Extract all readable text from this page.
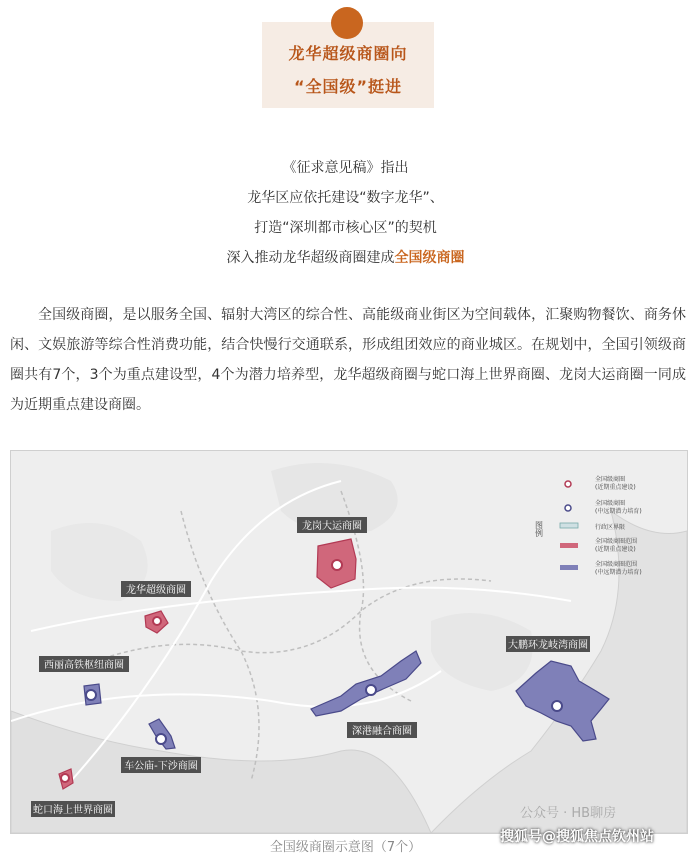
龙华超级商圈向
“全国级”挺进
《征求意见稿》指出
龙华区应依托建设“数字龙华”、
打造“深圳都市核心区”的契机
深入推动龙华超级商圈建成全国级商圈
全国级商圈，是以服务全国、辐射大湾区的综合性、高能级商业街区为空间载体，汇聚购物餐饮、商务休闲、文娱旅游等综合性消费功能，结合快慢行交通联系，形成组团效应的商业城区。在规划中，全国引领级商圈共有7个，3个为重点建设型，4个为潜力培养型，龙华超级商圈与蛇口海上世界商圈、龙岗大运商圈一同成为近期重点建设商圈。
龙岗大运商圈
龙华超级商圈
西丽高铁枢纽商圈
车公庙-下沙商圈
蛇口海上世界商圈
深港融合商圈
大鹏环龙岐湾商圈
图例
全国级商圈
(近期重点建设)
全国级商圈
(中远期潜力培育)
行政区界限
全国级商圈范围
(近期重点建设)
全国级商圈范围
(中远期潜力培育)
公众号 · HB聊房
全国级商圈示意图（7个）
搜狐号@搜狐焦点钦州站
